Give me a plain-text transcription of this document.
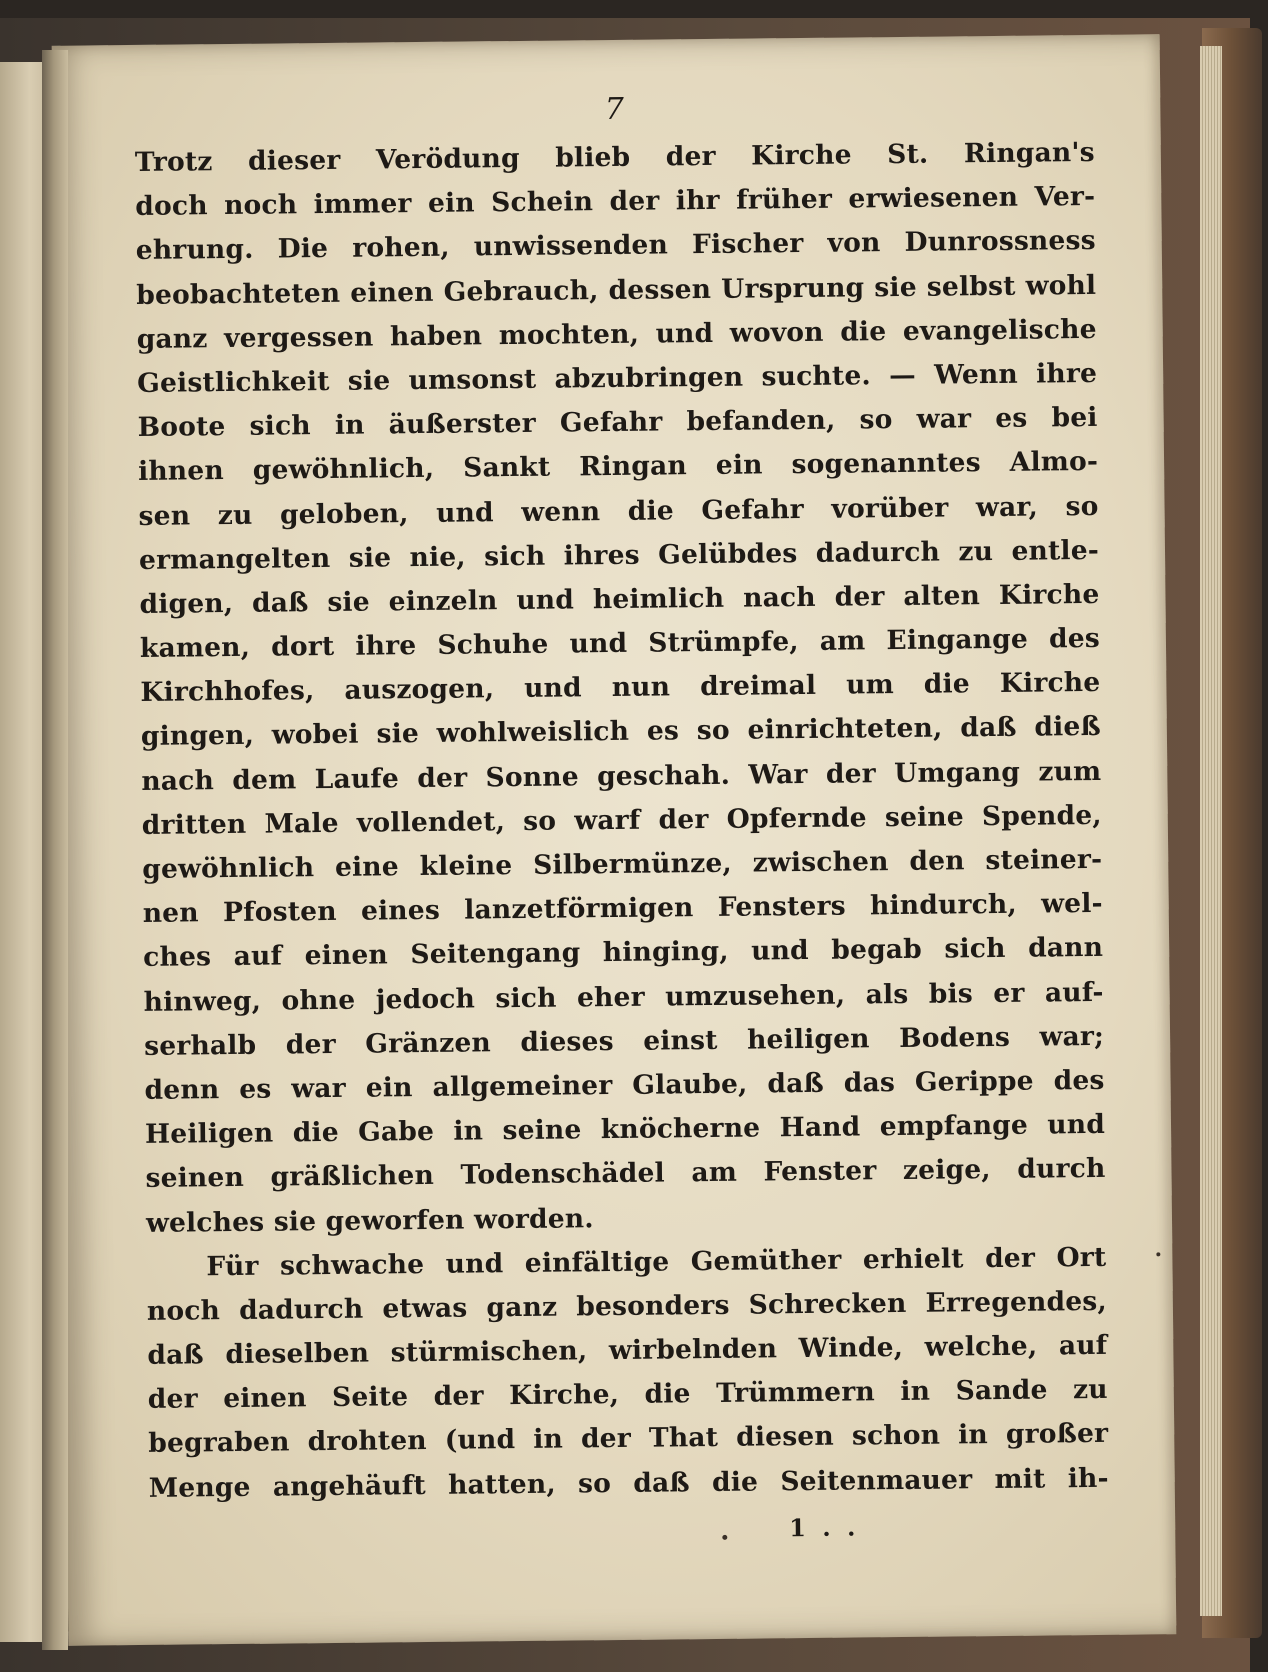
7
Trotz dieser Verödung blieb der Kirche St. Ringan's
doch noch immer ein Schein der ihr früher erwiesenen Ver-
ehrung. Die rohen, unwissenden Fischer von Dunrossness
beobachteten einen Gebrauch, dessen Ursprung sie selbst wohl
ganz vergessen haben mochten, und wovon die evangelische
Geistlichkeit sie umsonst abzubringen suchte. — Wenn ihre
Boote sich in äußerster Gefahr befanden, so war es bei
ihnen gewöhnlich, Sankt Ringan ein sogenanntes Almo-
sen zu geloben, und wenn die Gefahr vorüber war, so
ermangelten sie nie, sich ihres Gelübdes dadurch zu entle-
digen, daß sie einzeln und heimlich nach der alten Kirche
kamen, dort ihre Schuhe und Strümpfe, am Eingange des
Kirchhofes, auszogen, und nun dreimal um die Kirche
gingen, wobei sie wohlweislich es so einrichteten, daß dieß
nach dem Laufe der Sonne geschah. War der Umgang zum
dritten Male vollendet, so warf der Opfernde seine Spende,
gewöhnlich eine kleine Silbermünze, zwischen den steiner-
nen Pfosten eines lanzetförmigen Fensters hindurch, wel-
ches auf einen Seitengang hinging, und begab sich dann
hinweg, ohne jedoch sich eher umzusehen, als bis er auf-
serhalb der Gränzen dieses einst heiligen Bodens war;
denn es war ein allgemeiner Glaube, daß das Gerippe des
Heiligen die Gabe in seine knöcherne Hand empfange und
seinen gräßlichen Todenschädel am Fenster zeige, durch
welches sie geworfen worden.
Für schwache und einfältige Gemüther erhielt der Ort
noch dadurch etwas ganz besonders Schrecken Erregendes,
daß dieselben stürmischen, wirbelnden Winde, welche, auf
der einen Seite der Kirche, die Trümmern in Sande zu
begraben drohten (und in der That diesen schon in großer
Menge angehäuft hatten, so daß die Seitenmauer mit ih-
1 . .
